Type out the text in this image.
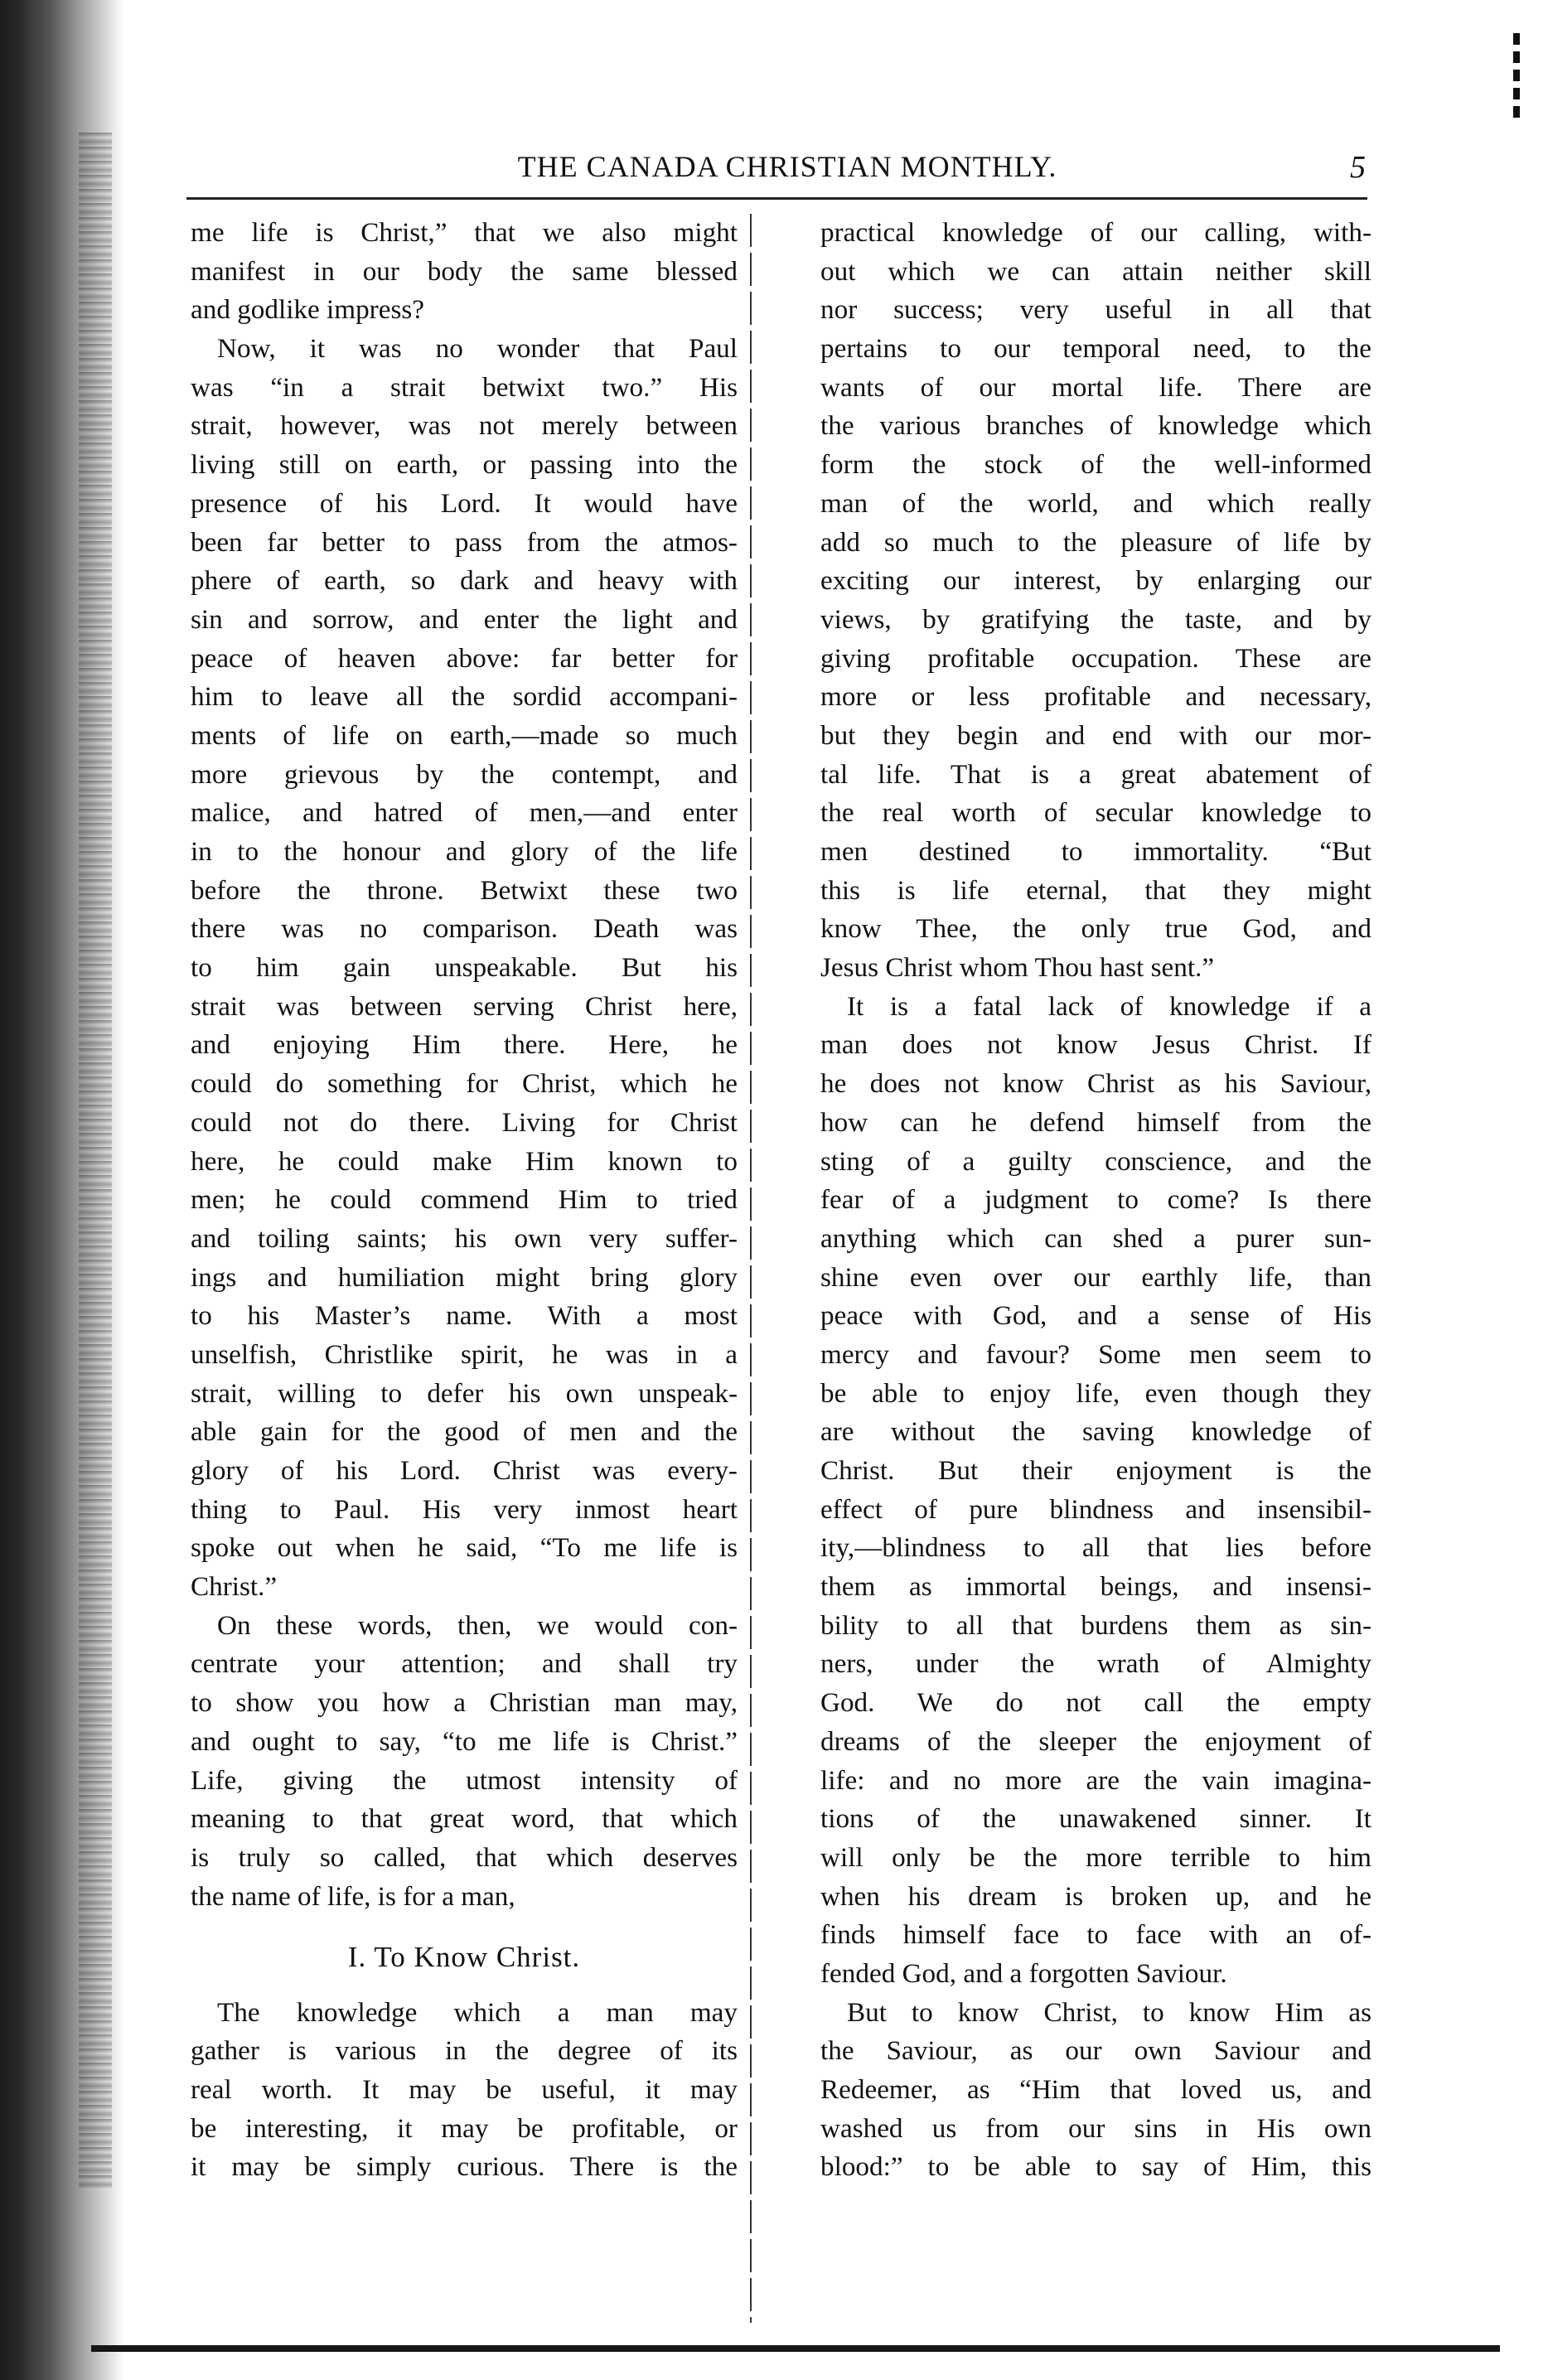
THE CANADA CHRISTIAN MONTHLY.	5
me life is Christ,” that we also might
manifest in our body the same blessed
and godlike impress?
Now, it was no wonder that Paul
was “in a strait betwixt two.” His
strait, however, was not merely between
living still on earth, or passing into the
presence of his Lord. It would have
been far better to pass from the atmos-
phere of earth, so dark and heavy with
sin and sorrow, and enter the light and
peace of heaven above: far better for
him to leave all the sordid accompani-
ments of life on earth,—made so much
more grievous by the contempt, and
malice, and hatred of men,—and enter
in to the honour and glory of the life
before the throne. Betwixt these two
there was no comparison. Death was
to him gain unspeakable. But his
strait was between serving Christ here,
and enjoying Him there. Here, he
could do something for Christ, which he
could not do there. Living for Christ
here, he could make Him known to
men; he could commend Him to tried
and toiling saints; his own very suffer-
ings and humiliation might bring glory
to his Master’s name. With a most
unselfish, Christlike spirit, he was in a
strait, willing to defer his own unspeak-
able gain for the good of men and the
glory of his Lord. Christ was every-
thing to Paul. His very inmost heart
spoke out when he said, “To me life is
Christ.”
On these words, then, we would con-
centrate your attention; and shall try
to show you how a Christian man may,
and ought to say, “to me life is Christ.”
Life, giving the utmost intensity of
meaning to that great word, that which
is truly so called, that which deserves
the name of life, is for a man,
I. To Know Christ.
The knowledge which a man may
gather is various in the degree of its
real worth. It may be useful, it may
be interesting, it may be profitable, or
it may be simply curious. There is the
practical knowledge of our calling, with-
out which we can attain neither skill
nor success; very useful in all that
pertains to our temporal need, to the
wants of our mortal life. There are
the various branches of knowledge which
form the stock of the well-informed
man of the world, and which really
add so much to the pleasure of life by
exciting our interest, by enlarging our
views, by gratifying the taste, and by
giving profitable occupation. These are
more or less profitable and necessary,
but they begin and end with our mor-
tal life. That is a great abatement of
the real worth of secular knowledge to
men destined to immortality. “But
this is life eternal, that they might
know Thee, the only true God, and
Jesus Christ whom Thou hast sent.”
It is a fatal lack of knowledge if a
man does not know Jesus Christ. If
he does not know Christ as his Saviour,
how can he defend himself from the
sting of a guilty conscience, and the
fear of a judgment to come? Is there
anything which can shed a purer sun-
shine even over our earthly life, than
peace with God, and a sense of His
mercy and favour? Some men seem to
be able to enjoy life, even though they
are without the saving knowledge of
Christ. But their enjoyment is the
effect of pure blindness and insensibil-
ity,—blindness to all that lies before
them as immortal beings, and insensi-
bility to all that burdens them as sin-
ners, under the wrath of Almighty
God. We do not call the empty
dreams of the sleeper the enjoyment of
life: and no more are the vain imagina-
tions of the unawakened sinner. It
will only be the more terrible to him
when his dream is broken up, and he
finds himself face to face with an of-
fended God, and a forgotten Saviour.
But to know Christ, to know Him as
the Saviour, as our own Saviour and
Redeemer, as “Him that loved us, and
washed us from our sins in His own
blood:” to be able to say of Him, this
